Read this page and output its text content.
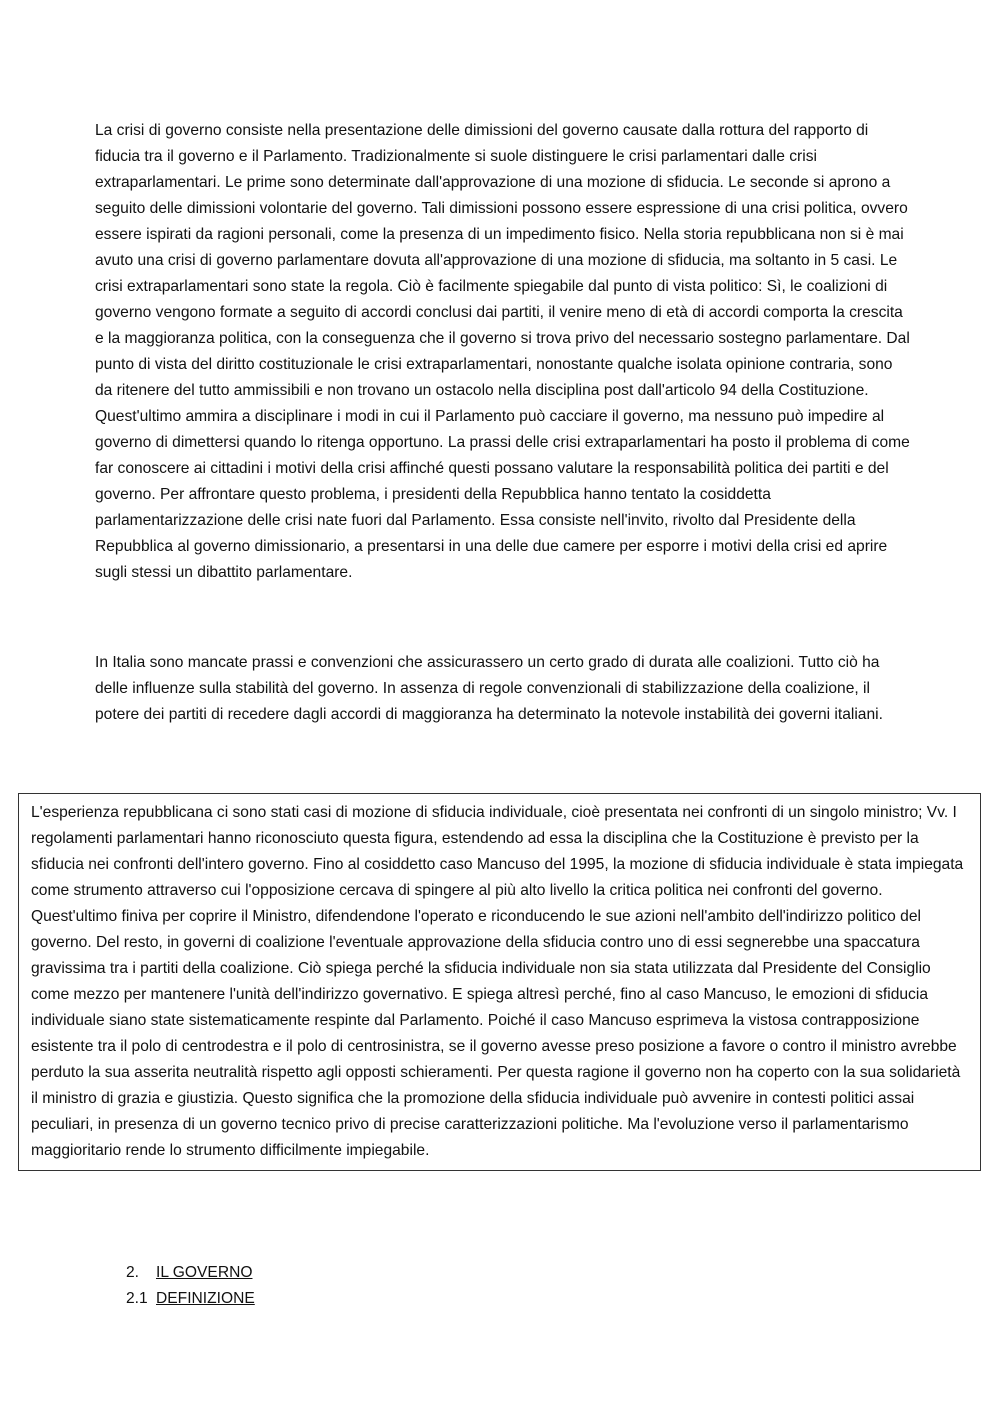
La crisi di governo consiste nella presentazione delle dimissioni del governo causate dalla rottura del rapporto di fiducia tra il governo e il Parlamento. Tradizionalmente si suole distinguere le crisi parlamentari dalle crisi extraparlamentari. Le prime sono determinate dall'approvazione di una mozione di sfiducia. Le seconde si aprono a seguito delle dimissioni volontarie del governo. Tali dimissioni possono essere espressione di una crisi politica, ovvero essere ispirati da ragioni personali, come la presenza di un impedimento fisico. Nella storia repubblicana non si è mai avuto una crisi di governo parlamentare dovuta all'approvazione di una mozione di sfiducia, ma soltanto in 5 casi. Le crisi extraparlamentari sono state la regola. Ciò è facilmente spiegabile dal punto di vista politico: Sì, le coalizioni di governo vengono formate a seguito di accordi conclusi dai partiti, il venire meno di età di accordi comporta la crescita e la maggioranza politica, con la conseguenza che il governo si trova privo del necessario sostegno parlamentare. Dal punto di vista del diritto costituzionale le crisi extraparlamentari, nonostante qualche isolata opinione contraria, sono da ritenere del tutto ammissibili e non trovano un ostacolo nella disciplina post dall'articolo 94 della Costituzione. Quest'ultimo ammira a disciplinare i modi in cui il Parlamento può cacciare il governo, ma nessuno può impedire al governo di dimettersi quando lo ritenga opportuno. La prassi delle crisi extraparlamentari ha posto il problema di come far conoscere ai cittadini i motivi della crisi affinché questi possano valutare la responsabilità politica dei partiti e del governo. Per affrontare questo problema, i presidenti della Repubblica hanno tentato la cosiddetta parlamentarizzazione delle crisi nate fuori dal Parlamento. Essa consiste nell'invito, rivolto dal Presidente della Repubblica al governo dimissionario, a presentarsi in una delle due camere per esporre i motivi della crisi ed aprire sugli stessi un dibattito parlamentare.

In Italia sono mancate prassi e convenzioni che assicurassero un certo grado di durata alle coalizioni. Tutto ciò ha delle influenze sulla stabilità del governo. In assenza di regole convenzionali di stabilizzazione della coalizione, il potere dei partiti di recedere dagli accordi di maggioranza ha determinato la notevole instabilità dei governi italiani.

L'esperienza repubblicana ci sono stati casi di mozione di sfiducia individuale, cioè presentata nei confronti di un singolo ministro; Vv. I regolamenti parlamentari hanno riconosciuto questa figura, estendendo ad essa la disciplina che la Costituzione è previsto per la sfiducia nei confronti dell'intero governo. Fino al cosiddetto caso Mancuso del 1995, la mozione di sfiducia individuale è stata impiegata come strumento attraverso cui l'opposizione cercava di spingere al più alto livello la critica politica nei confronti del governo. Quest'ultimo finiva per coprire il Ministro, difendendone l'operato e riconducendo le sue azioni nell'ambito dell'indirizzo politico del governo. Del resto, in governi di coalizione l'eventuale approvazione della sfiducia contro uno di essi segnerebbe una spaccatura gravissima tra i partiti della coalizione. Ciò spiega perché la sfiducia individuale non sia stata utilizzata dal Presidente del Consiglio come mezzo per mantenere l'unità dell'indirizzo governativo. E spiega altresì perché, fino al caso Mancuso, le emozioni di sfiducia individuale siano state sistematicamente respinte dal Parlamento. Poiché il caso Mancuso esprimeva la vistosa contrapposizione esistente tra il polo di centrodestra e il polo di centrosinistra, se il governo avesse preso posizione a favore o contro il ministro avrebbe perduto la sua asserita neutralità rispetto agli opposti schieramenti. Per questa ragione il governo non ha coperto con la sua solidarietà il ministro di grazia e giustizia. Questo significa che la promozione della sfiducia individuale può avvenire in contesti politici assai peculiari, in presenza di un governo tecnico privo di precise caratterizzazioni politiche. Ma l'evoluzione verso il parlamentarismo maggioritario rende lo strumento difficilmente impiegabile.

2.	IL GOVERNO
2.1 DEFINIZIONE
